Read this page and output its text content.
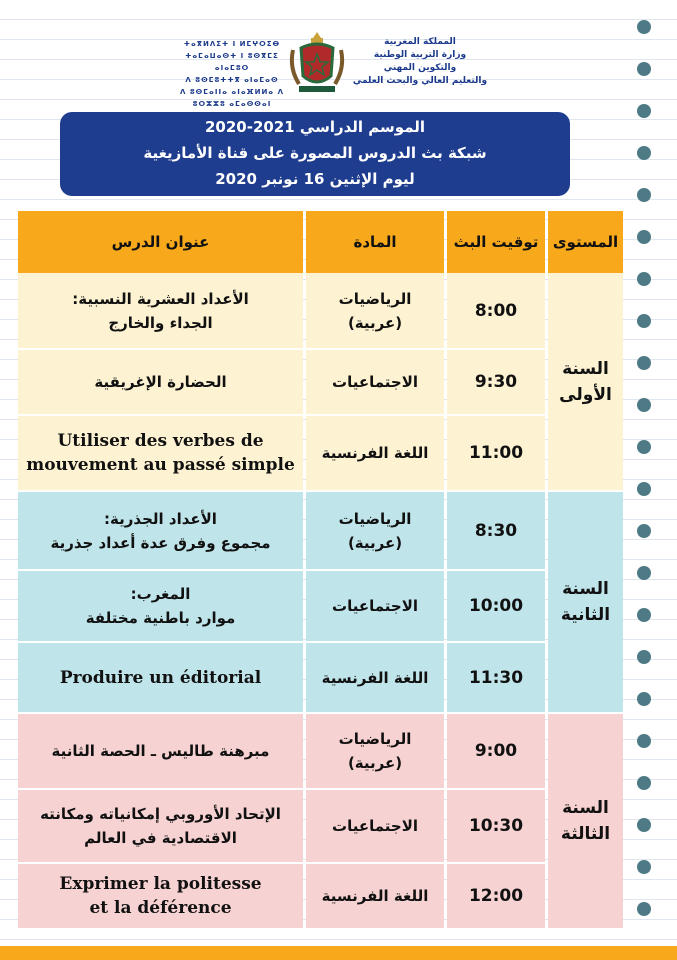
ⵜⴰⴳⵍⴷⵉⵜ ⵏ ⵍⵎⵖⵔⵉⴱ
ⵜⴰⵎⴰⵡⴰⵙⵜ ⵏ ⵓⵙⴳⵎⵉ ⴰⵏⴰⵎⵓⵔ
ⴷ ⵓⵙⵎⵓⵜⵜⴳ ⴰⵏⴰⵎⴰⵙ
ⴷ ⵓⵙⵎⴰⵏⵏⴰ ⴰⵏⴰⴼⵍⵍⴰ ⴷ ⵓⵔⵣⵣⵓ ⴰⵎⴰⵙⵙⴰⵏ
المملكة المغربية
وزارة التربية الوطنية
والتكوين المهني
والتعليم العالي والبحث العلمي
الموسم الدراسي 2021-2020
شبكة بث الدروس المصورة على قناة الأمازيغية
ليوم الإثنين 16 نونبر 2020
المستوى
توقيت البث
المادة
عنوان الدرس
السنة
الأولى
8:00
الرياضيات
(عربية)
الأعداد العشرية النسبية:
الجداء والخارج
9:30
الاجتماعيات
الحضارة الإغريقية
11:00
اللغة الفرنسية
Utiliser des verbes de
mouvement au passé simple
السنة
الثانية
8:30
الرياضيات
(عربية)
الأعداد الجذرية:
مجموع وفرق عدة أعداد جذرية
10:00
الاجتماعيات
المغرب:
موارد باطنية مختلفة
11:30
اللغة الفرنسية
Produire un éditorial
السنة
الثالثة
9:00
الرياضيات
(عربية)
مبرهنة طاليس ـ الحصة الثانية
10:30
الاجتماعيات
الإتحاد الأوروبي إمكانياته ومكانته
الاقتصادية في العالم
12:00
اللغة الفرنسية
Exprimer la politesse
et la déférence
